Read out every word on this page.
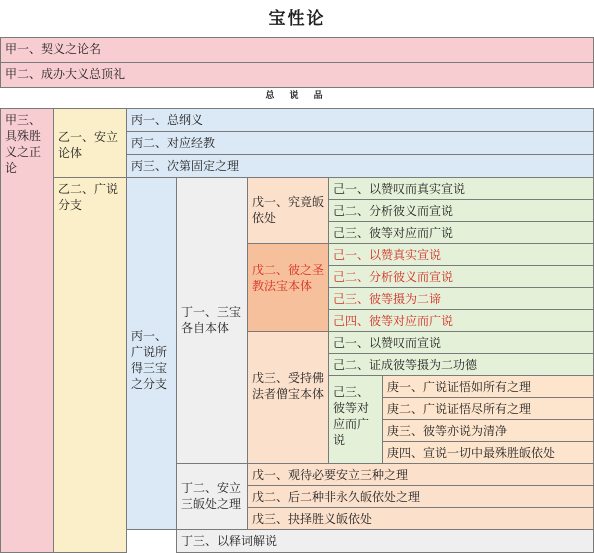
宝性论
甲一、契义之论名
甲二、成办大义总顶礼
总 说 品
甲三、具殊胜义之正论
乙一、安立论体
丙一、总纲义
丙二、对应经教
丙三、次第固定之理
乙二、广说分支
丙一、广说所得三宝之分支
丁一、三宝各自本体
戊一、究竟皈依处
己一、以赞叹而真实宣说
己二、分析彼义而宣说
己三、彼等对应而广说
戊二、彼之圣教法宝本体
己一、以赞真实宣说
己二、分析彼义而宣说
己三、彼等摄为二谛
己四、彼等对应而广说
戊三、受持佛法者僧宝本体
己一、以赞叹而宣说
己二、证成彼等摄为二功德
己三、彼等对应而广说
庚一、广说证悟如所有之理
庚二、广说证悟尽所有之理
庚三、彼等亦说为清净
庚四、宣说一切中最殊胜皈依处
丁二、安立三皈处之理
戊一、观待必要安立三种之理
戊二、后二种非永久皈依处之理
戊三、抉择胜义皈依处
丁三、以释词解说
